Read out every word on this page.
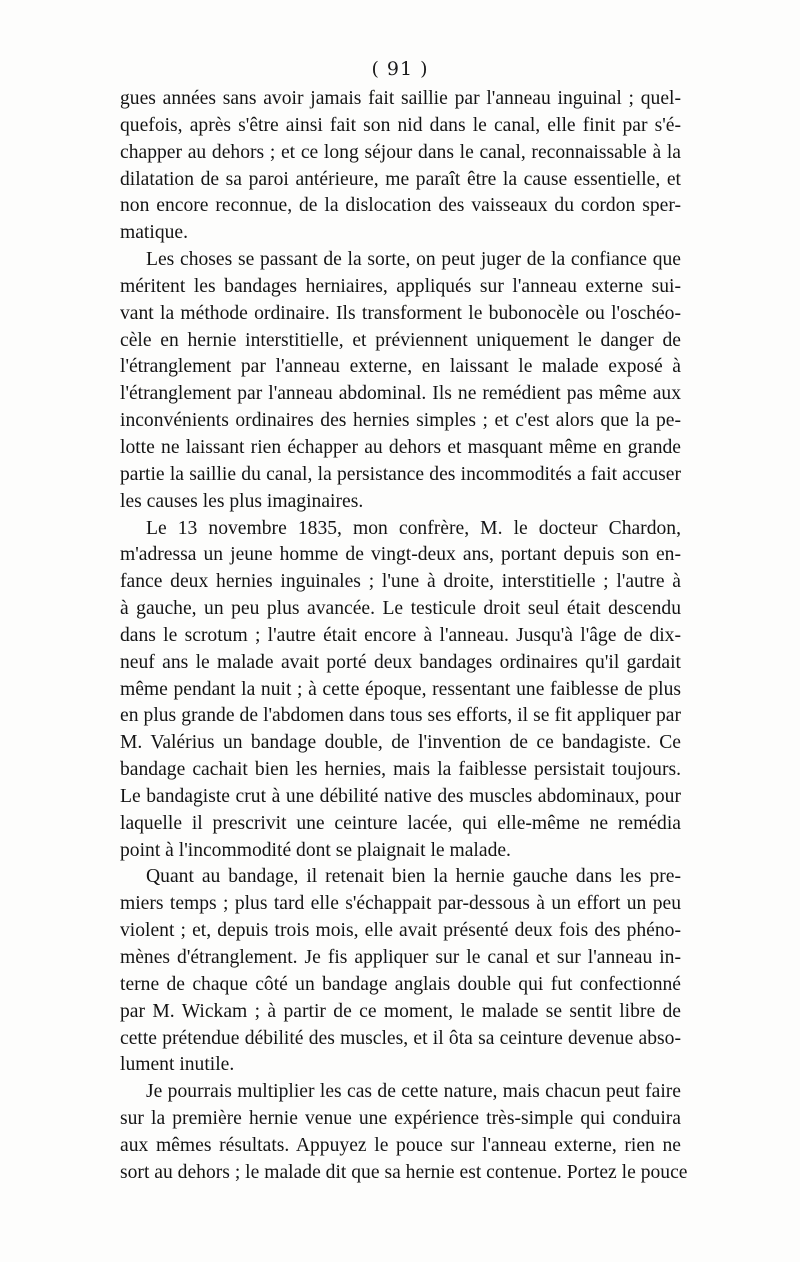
( 91 )
gues années sans avoir jamais fait saillie par l'anneau inguinal ; quel-
quefois, après s'être ainsi fait son nid dans le canal, elle finit par s'é-
chapper au dehors ; et ce long séjour dans le canal, reconnaissable à la
dilatation de sa paroi antérieure, me paraît être la cause essentielle, et
non encore reconnue, de la dislocation des vaisseaux du cordon sper-
matique.
Les choses se passant de la sorte, on peut juger de la confiance que
méritent les bandages herniaires, appliqués sur l'anneau externe sui-
vant la méthode ordinaire. Ils transforment le bubonocèle ou l'oschéo-
cèle en hernie interstitielle, et préviennent uniquement le danger de
l'étranglement par l'anneau externe, en laissant le malade exposé à
l'étranglement par l'anneau abdominal. Ils ne remédient pas même aux
inconvénients ordinaires des hernies simples ; et c'est alors que la pe-
lotte ne laissant rien échapper au dehors et masquant même en grande
partie la saillie du canal, la persistance des incommodités a fait accuser
les causes les plus imaginaires.
Le 13 novembre 1835, mon confrère, M. le docteur Chardon,
m'adressa un jeune homme de vingt-deux ans, portant depuis son en-
fance deux hernies inguinales ; l'une à droite, interstitielle ; l'autre à
à gauche, un peu plus avancée. Le testicule droit seul était descendu
dans le scrotum ; l'autre était encore à l'anneau. Jusqu'à l'âge de dix-
neuf ans le malade avait porté deux bandages ordinaires qu'il gardait
même pendant la nuit ; à cette époque, ressentant une faiblesse de plus
en plus grande de l'abdomen dans tous ses efforts, il se fit appliquer par
M. Valérius un bandage double, de l'invention de ce bandagiste. Ce
bandage cachait bien les hernies, mais la faiblesse persistait toujours.
Le bandagiste crut à une débilité native des muscles abdominaux, pour
laquelle il prescrivit une ceinture lacée, qui elle-même ne remédia
point à l'incommodité dont se plaignait le malade.
Quant au bandage, il retenait bien la hernie gauche dans les pre-
miers temps ; plus tard elle s'échappait par-dessous à un effort un peu
violent ; et, depuis trois mois, elle avait présenté deux fois des phéno-
mènes d'étranglement. Je fis appliquer sur le canal et sur l'anneau in-
terne de chaque côté un bandage anglais double qui fut confectionné
par M. Wickam ; à partir de ce moment, le malade se sentit libre de
cette prétendue débilité des muscles, et il ôta sa ceinture devenue abso-
lument inutile.
Je pourrais multiplier les cas de cette nature, mais chacun peut faire
sur la première hernie venue une expérience très-simple qui conduira
aux mêmes résultats. Appuyez le pouce sur l'anneau externe, rien ne
sort au dehors ; le malade dit que sa hernie est contenue. Portez le pouce
